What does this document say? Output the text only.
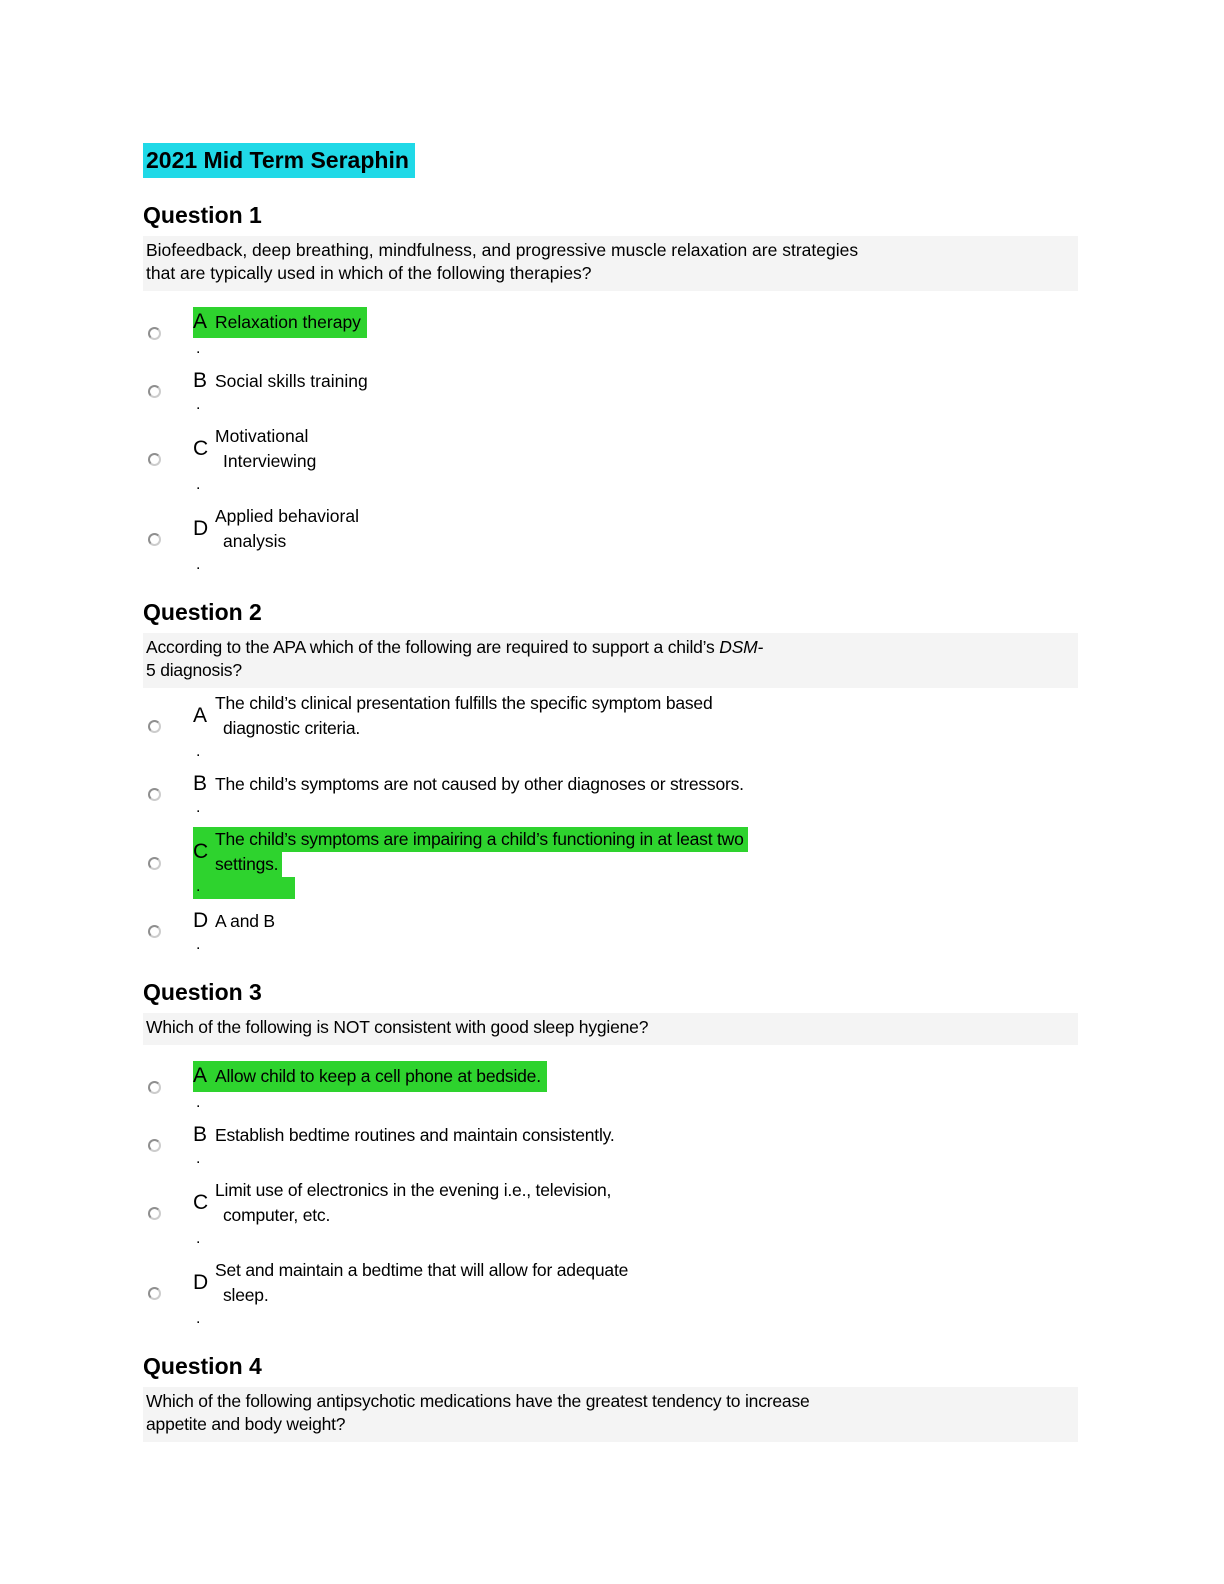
2021 Mid Term Seraphin
Question 1
Biofeedback, deep breathing, mindfulness, and progressive muscle relaxation are strategies
that are typically used in which of the following therapies?
A Relaxation therapy
.
B Social skills training
.
C
Motivational
Interviewing
.
D
Applied behavioral
analysis
.
Question 2
According to the APA which of the following are required to support a child’s DSM-
5 diagnosis?
A
The child’s clinical presentation fulfills the specific symptom based
diagnostic criteria.
.
B The child’s symptoms are not caused by other diagnoses or stressors.
.
C
The child’s symptoms are impairing a child’s functioning in at least two
settings.
.
D A and B
.
Question 3
Which of the following is NOT consistent with good sleep hygiene?
A Allow child to keep a cell phone at bedside.
.
B Establish bedtime routines and maintain consistently.
.
C
Limit use of electronics in the evening i.e., television,
computer, etc.
.
D
Set and maintain a bedtime that will allow for adequate
sleep.
.
Question 4
Which of the following antipsychotic medications have the greatest tendency to increase
appetite and body weight?
